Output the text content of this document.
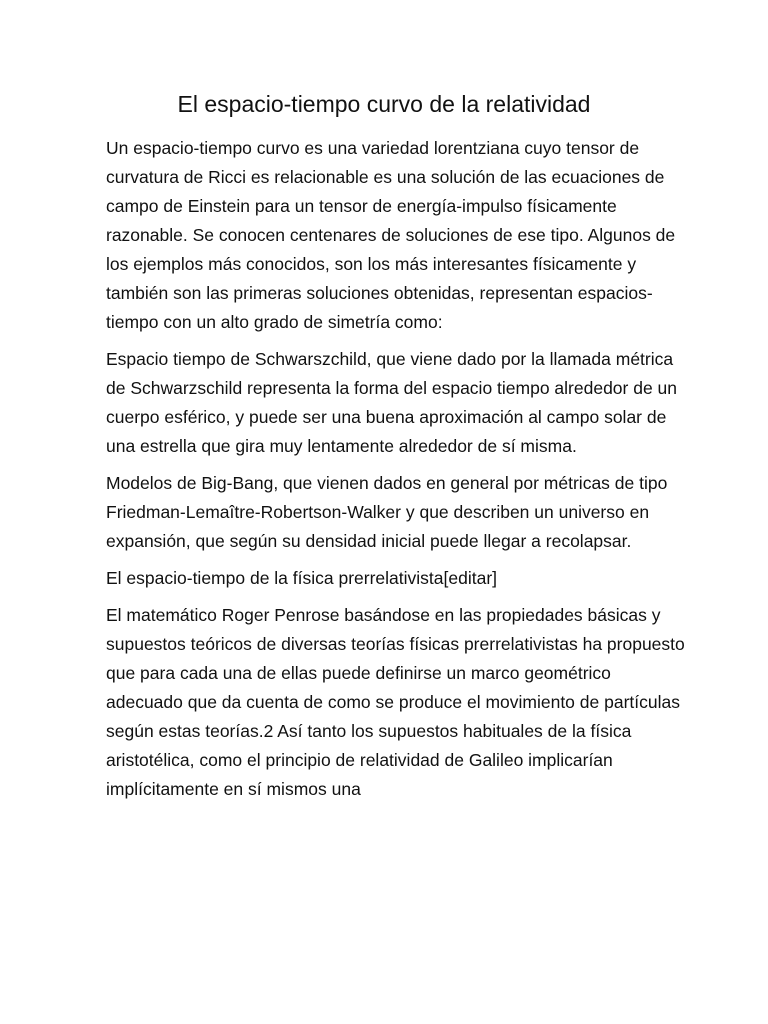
El espacio-tiempo curvo de la relatividad

Un espacio-tiempo curvo es una variedad lorentziana cuyo tensor de curvatura de Ricci es relacionable es una solución de las ecuaciones de campo de Einstein para un tensor de energía-impulso físicamente razonable. Se conocen centenares de soluciones de ese tipo. Algunos de los ejemplos más conocidos, son los más interesantes físicamente y también son las primeras soluciones obtenidas, representan espacios-tiempo con un alto grado de simetría como:

Espacio tiempo de Schwarszchild, que viene dado por la llamada métrica de Schwarzschild representa la forma del espacio tiempo alrededor de un cuerpo esférico, y puede ser una buena aproximación al campo solar de una estrella que gira muy lentamente alrededor de sí misma.

Modelos de Big-Bang, que vienen dados en general por métricas de tipo Friedman-Lemaître-Robertson-Walker y que describen un universo en expansión, que según su densidad inicial puede llegar a recolapsar.

El espacio-tiempo de la física prerrelativista[editar]

El matemático Roger Penrose basándose en las propiedades básicas y supuestos teóricos de diversas teorías físicas prerrelativistas ha propuesto que para cada una de ellas puede definirse un marco geométrico adecuado que da cuenta de como se produce el movimiento de partículas según estas teorías.2 Así tanto los supuestos habituales de la física aristotélica, como el principio de relatividad de Galileo implicarían implícitamente en sí mismos una
